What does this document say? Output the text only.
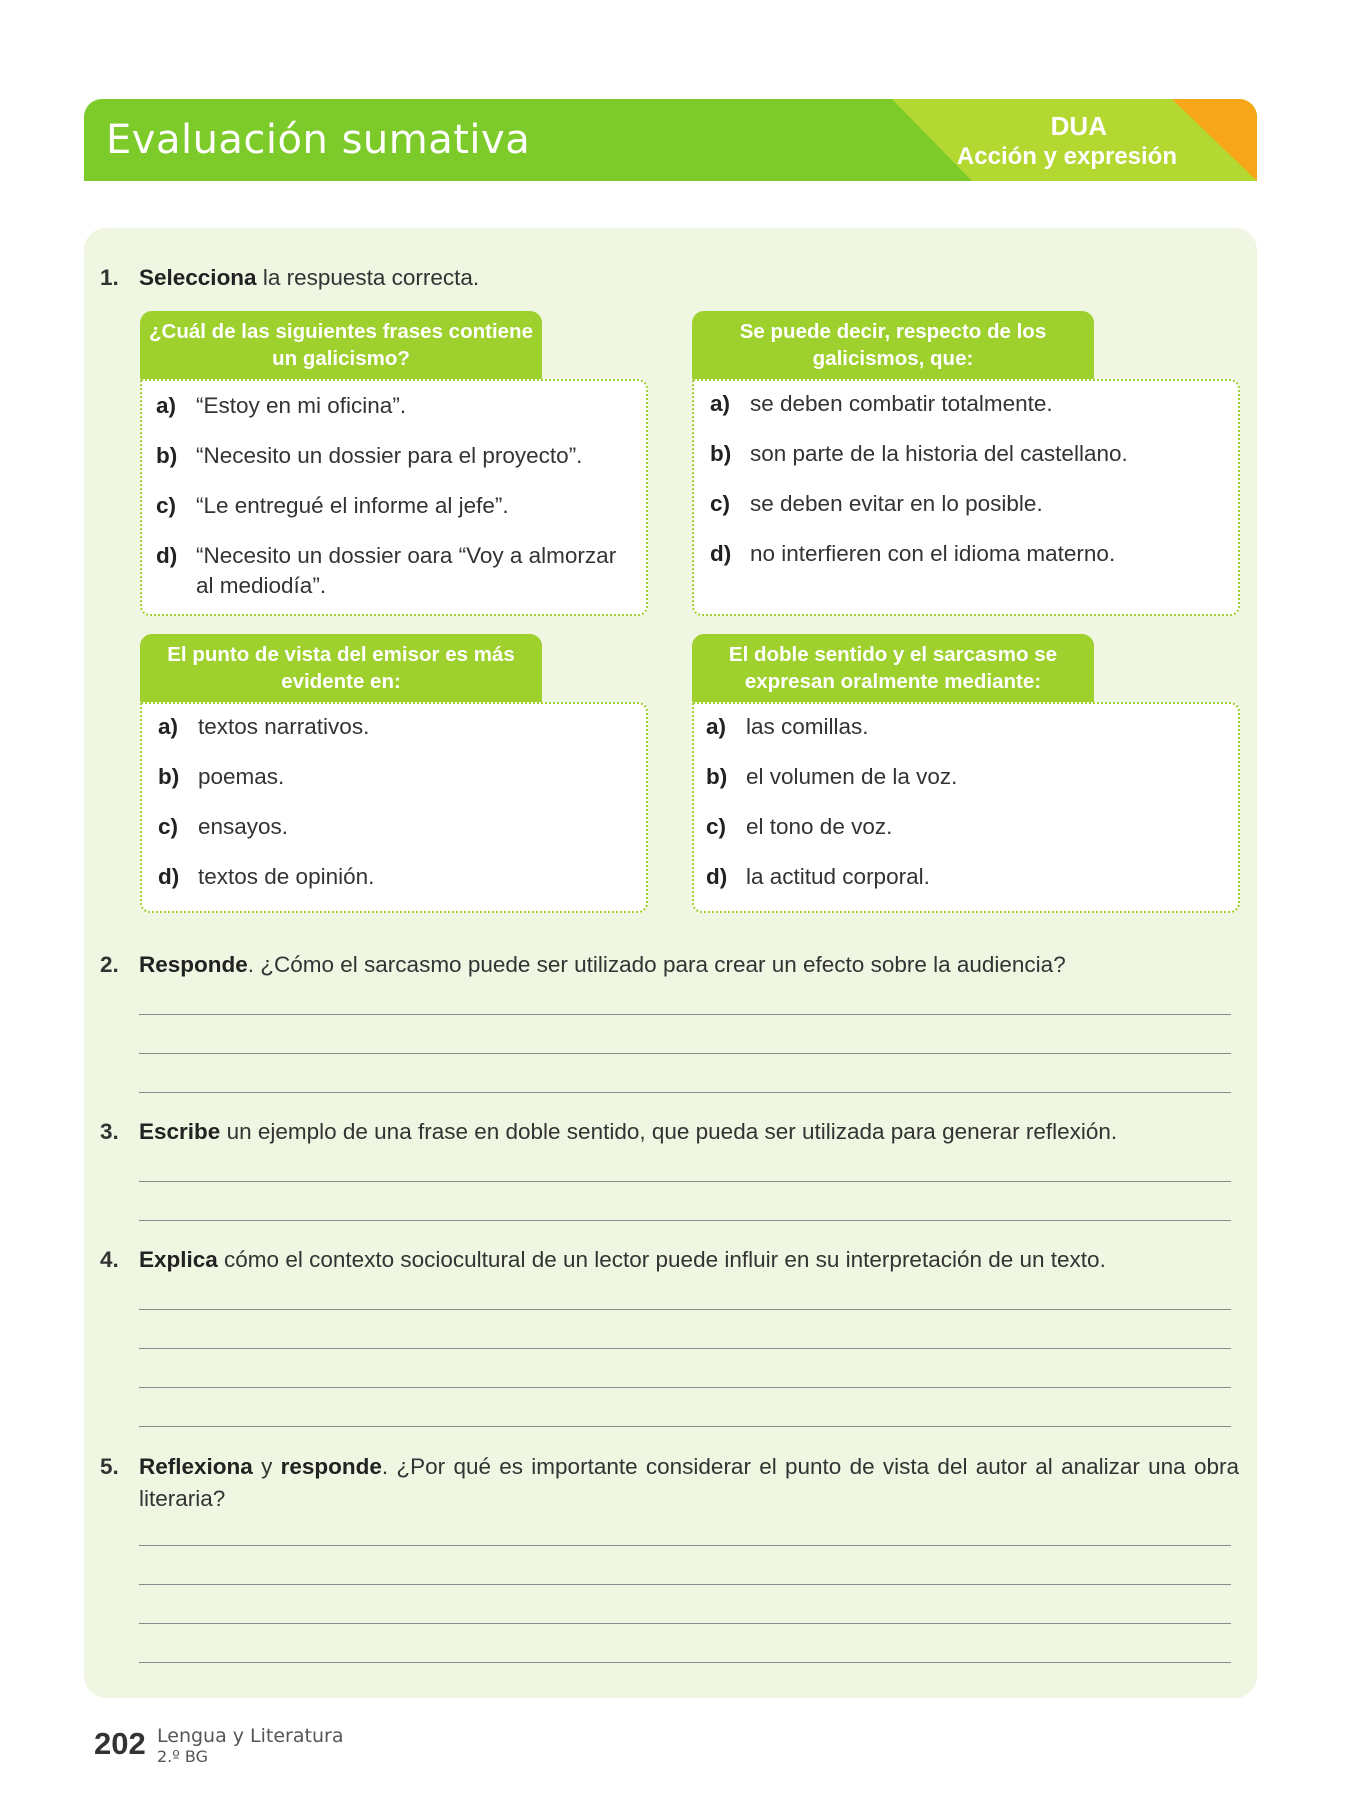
Evaluación sumativa	DUA
Acción y expresión
1. Selecciona la respuesta correcta.
¿Cuál de las siguientes frases contiene un galicismo?
a) “Estoy en mi oficina”.
b) “Necesito un dossier para el proyecto”.
c) “Le entregué el informe al jefe”.
d) “Necesito un dossier oara “Voy a almorzar al mediodía”.
Se puede decir, respecto de los galicismos, que:
a) se deben combatir totalmente.
b) son parte de la historia del castellano.
c) se deben evitar en lo posible.
d) no interfieren con el idioma materno.
El punto de vista del emisor es más evidente en:
a) textos narrativos.
b) poemas.
c) ensayos.
d) textos de opinión.
El doble sentido y el sarcasmo se expresan oralmente mediante:
a) las comillas.
b) el volumen de la voz.
c) el tono de voz.
d) la actitud corporal.
2. Responde. ¿Cómo el sarcasmo puede ser utilizado para crear un efecto sobre la audiencia?
3. Escribe un ejemplo de una frase en doble sentido, que pueda ser utilizada para generar reflexión.
4. Explica cómo el contexto sociocultural de un lector puede influir en su interpretación de un texto.
5. Reflexiona y responde. ¿Por qué es importante considerar el punto de vista del autor al analizar una obra literaria?
202 Lengua y Literatura
2.º BG
